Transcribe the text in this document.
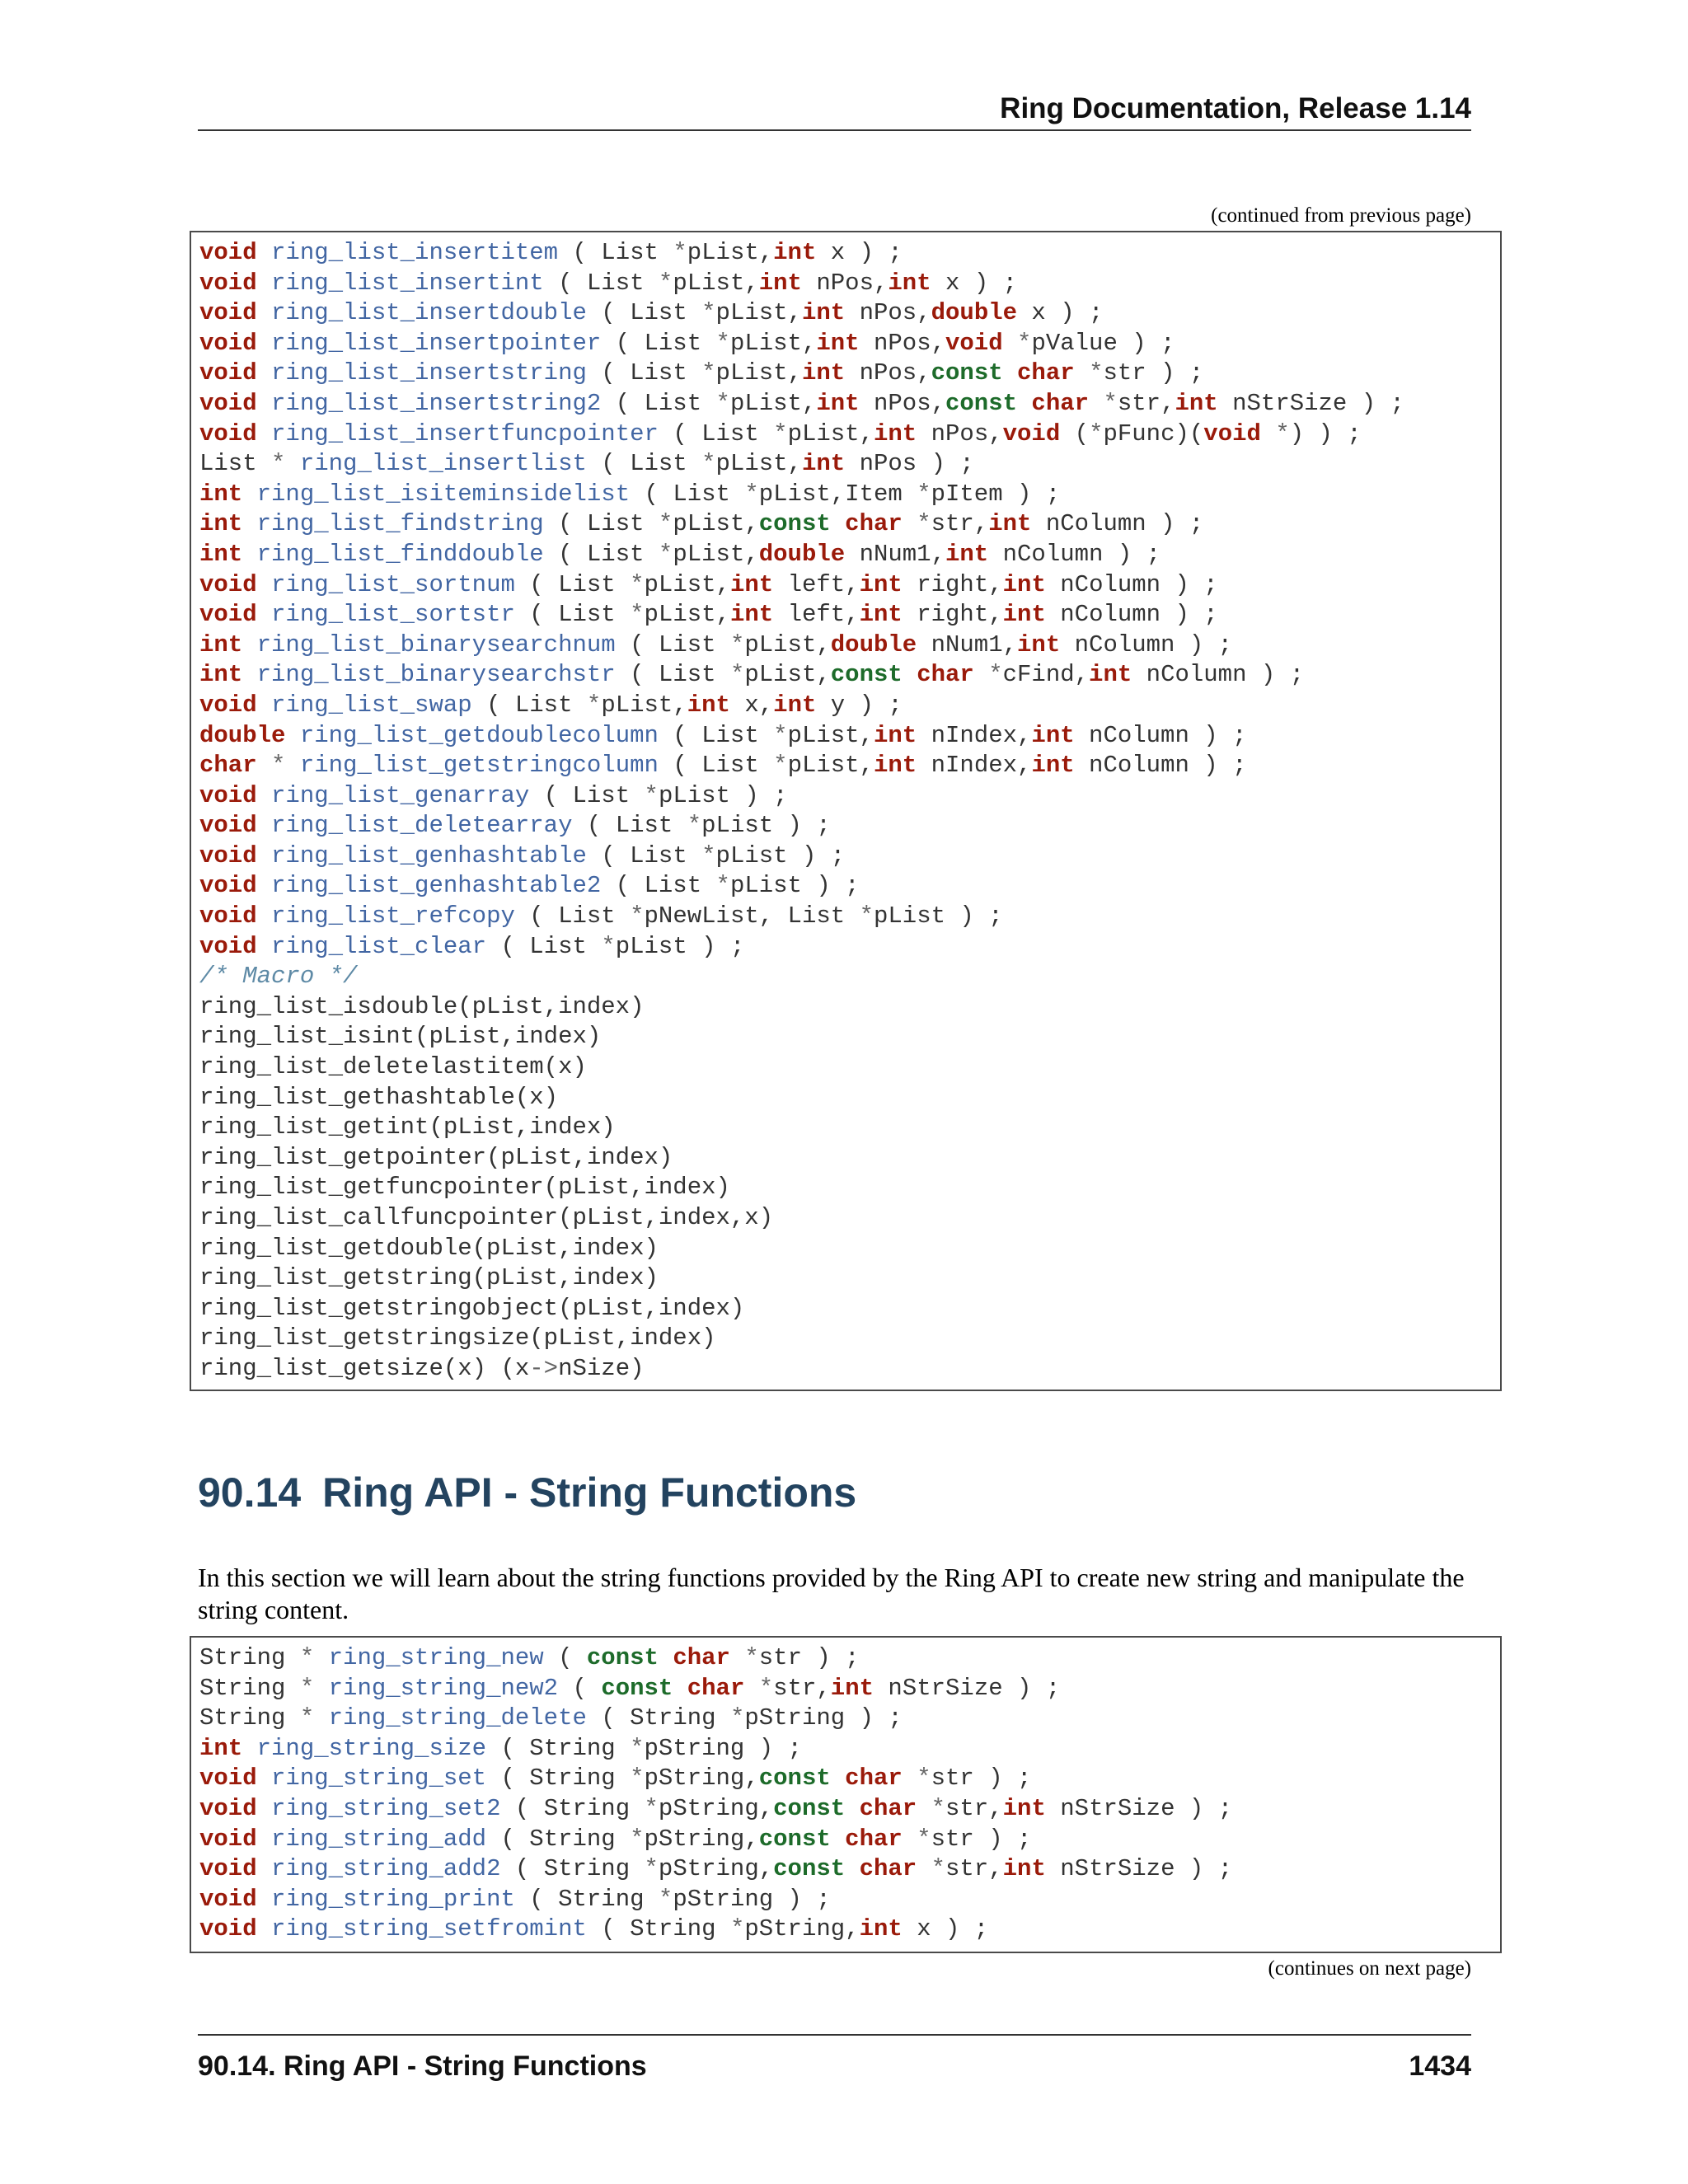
Ring Documentation, Release 1.14
(continued from previous page)
void ring_list_insertitem ( List *pList,int x ) ;
void ring_list_insertint ( List *pList,int nPos,int x ) ;
void ring_list_insertdouble ( List *pList,int nPos,double x ) ;
void ring_list_insertpointer ( List *pList,int nPos,void *pValue ) ;
void ring_list_insertstring ( List *pList,int nPos,const char *str ) ;
void ring_list_insertstring2 ( List *pList,int nPos,const char *str,int nStrSize ) ;
void ring_list_insertfuncpointer ( List *pList,int nPos,void (*pFunc)(void *) ) ;
List * ring_list_insertlist ( List *pList,int nPos ) ;
int ring_list_isiteminsidelist ( List *pList,Item *pItem ) ;
int ring_list_findstring ( List *pList,const char *str,int nColumn ) ;
int ring_list_finddouble ( List *pList,double nNum1,int nColumn ) ;
void ring_list_sortnum ( List *pList,int left,int right,int nColumn ) ;
void ring_list_sortstr ( List *pList,int left,int right,int nColumn ) ;
int ring_list_binarysearchnum ( List *pList,double nNum1,int nColumn ) ;
int ring_list_binarysearchstr ( List *pList,const char *cFind,int nColumn ) ;
void ring_list_swap ( List *pList,int x,int y ) ;
double ring_list_getdoublecolumn ( List *pList,int nIndex,int nColumn ) ;
char * ring_list_getstringcolumn ( List *pList,int nIndex,int nColumn ) ;
void ring_list_genarray ( List *pList ) ;
void ring_list_deletearray ( List *pList ) ;
void ring_list_genhashtable ( List *pList ) ;
void ring_list_genhashtable2 ( List *pList ) ;
void ring_list_refcopy ( List *pNewList, List *pList ) ;
void ring_list_clear ( List *pList ) ;
/* Macro */
ring_list_isdouble(pList,index)
ring_list_isint(pList,index)
ring_list_deletelastitem(x)
ring_list_gethashtable(x)
ring_list_getint(pList,index)
ring_list_getpointer(pList,index)
ring_list_getfuncpointer(pList,index)
ring_list_callfuncpointer(pList,index,x)
ring_list_getdouble(pList,index)
ring_list_getstring(pList,index)
ring_list_getstringobject(pList,index)
ring_list_getstringsize(pList,index)
ring_list_getsize(x) (x->nSize)
90.14 Ring API - String Functions
In this section we will learn about the string functions provided by the Ring API to create new string and manipulate the string content.
String * ring_string_new ( const char *str ) ;
String * ring_string_new2 ( const char *str,int nStrSize ) ;
String * ring_string_delete ( String *pString ) ;
int ring_string_size ( String *pString ) ;
void ring_string_set ( String *pString,const char *str ) ;
void ring_string_set2 ( String *pString,const char *str,int nStrSize ) ;
void ring_string_add ( String *pString,const char *str ) ;
void ring_string_add2 ( String *pString,const char *str,int nStrSize ) ;
void ring_string_print ( String *pString ) ;
void ring_string_setfromint ( String *pString,int x ) ;
(continues on next page)
90.14. Ring API - String Functions	1434
